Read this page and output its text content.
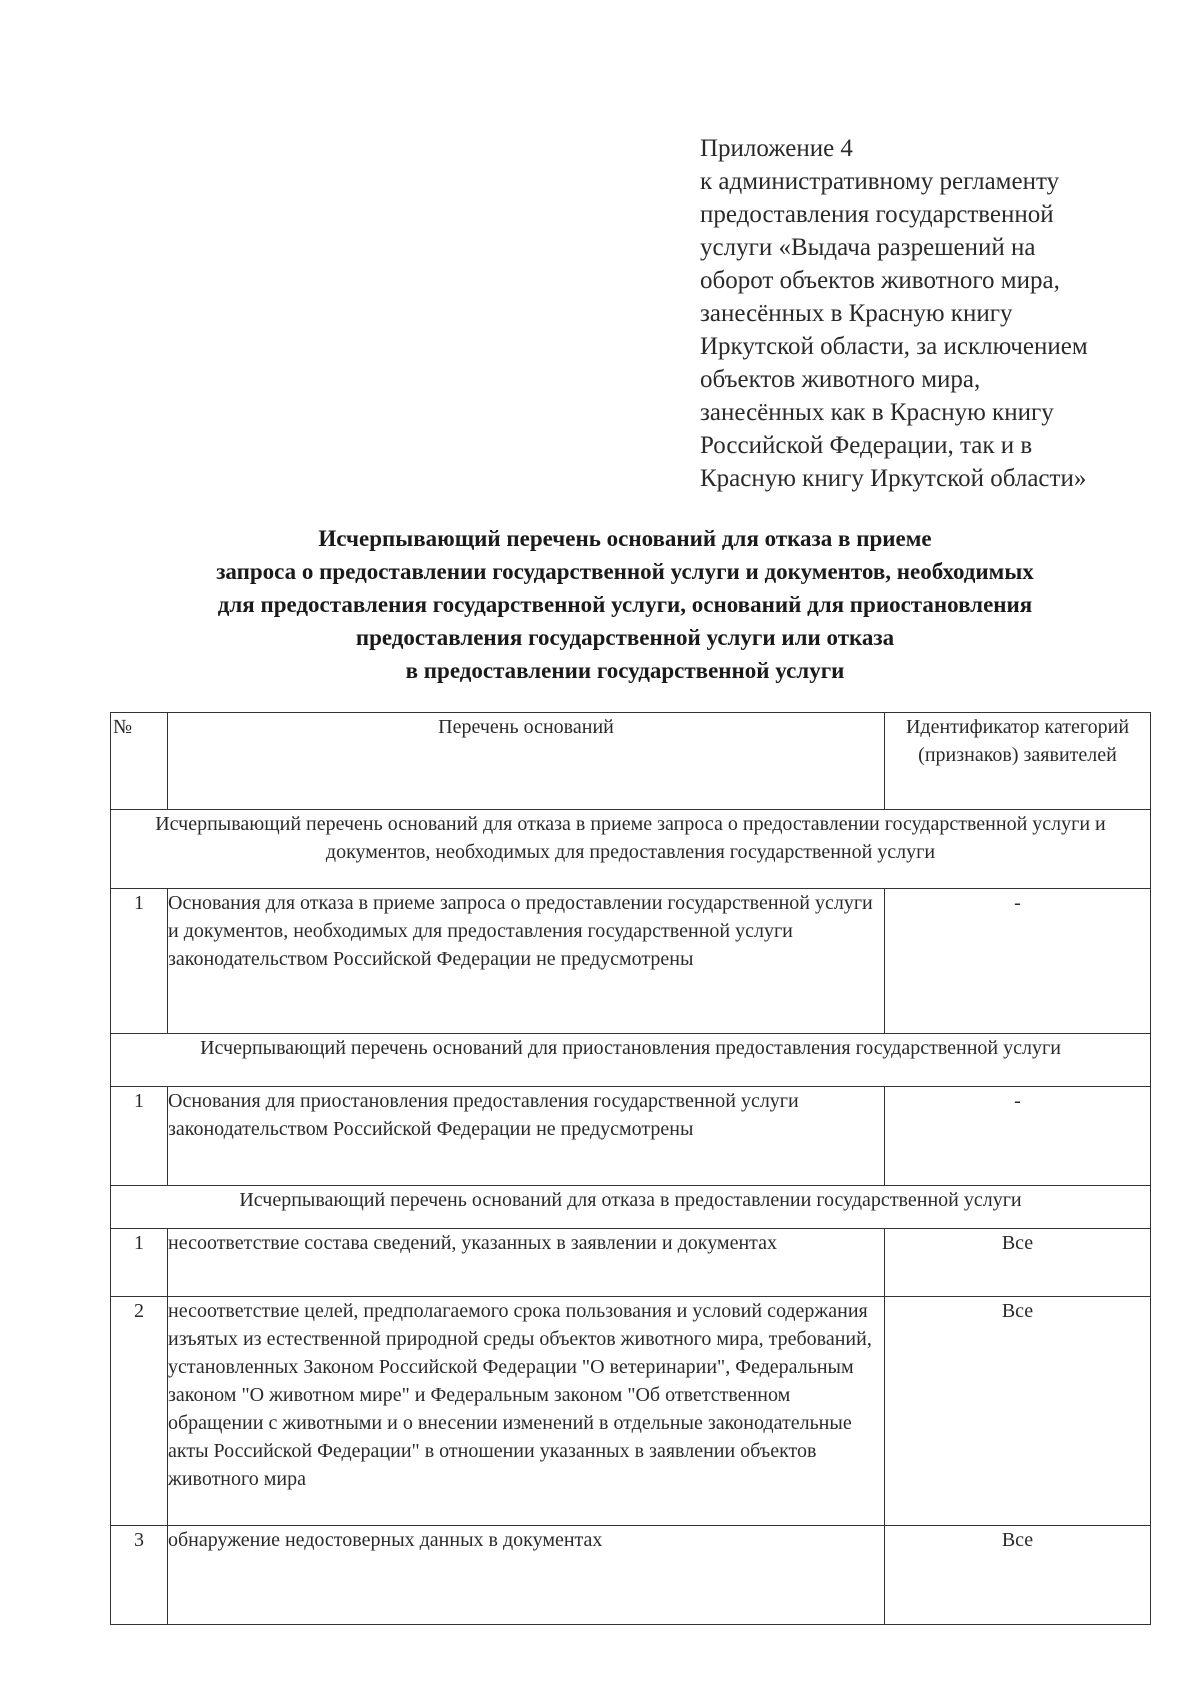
Приложение 4
к административному регламенту
предоставления государственной
услуги «Выдача разрешений на
оборот объектов животного мира,
занесённых в Красную книгу
Иркутской области, за исключением
объектов животного мира,
занесённых как в Красную книгу
Российской Федерации, так и в
Красную книгу Иркутской области»
Исчерпывающий перечень оснований для отказа в приеме
запроса о предоставлении государственной услуги и документов, необходимых
для предоставления государственной услуги, оснований для приостановления
предоставления государственной услуги или отказа
в предоставлении государственной услуги
№	Перечень оснований	Идентификатор категорий (признаков) заявителей
Исчерпывающий перечень оснований для отказа в приеме запроса о предоставлении государственной услуги и документов, необходимых для предоставления государственной услуги		
1	Основания для отказа в приеме запроса о предоставлении государственной услуги и документов, необходимых для предоставления государственной услуги законодательством Российской Федерации не предусмотрены	-
Исчерпывающий перечень оснований для приостановления предоставления государственной услуги		
1	Основания для приостановления предоставления государственной услуги законодательством Российской Федерации не предусмотрены	-
Исчерпывающий перечень оснований для отказа в предоставлении государственной услуги		
1	несоответствие состава сведений, указанных в заявлении и документах	Все
2	несоответствие целей, предполагаемого срока пользования и условий содержания изъятых из естественной природной среды объектов животного мира, требований, установленных Законом Российской Федерации "О ветеринарии", Федеральным законом "О животном мире" и Федеральным законом "Об ответственном обращении с животными и о внесении изменений в отдельные законодательные акты Российской Федерации" в отношении указанных в заявлении объектов животного мира	Все
3	обнаружение недостоверных данных в документах	Все
